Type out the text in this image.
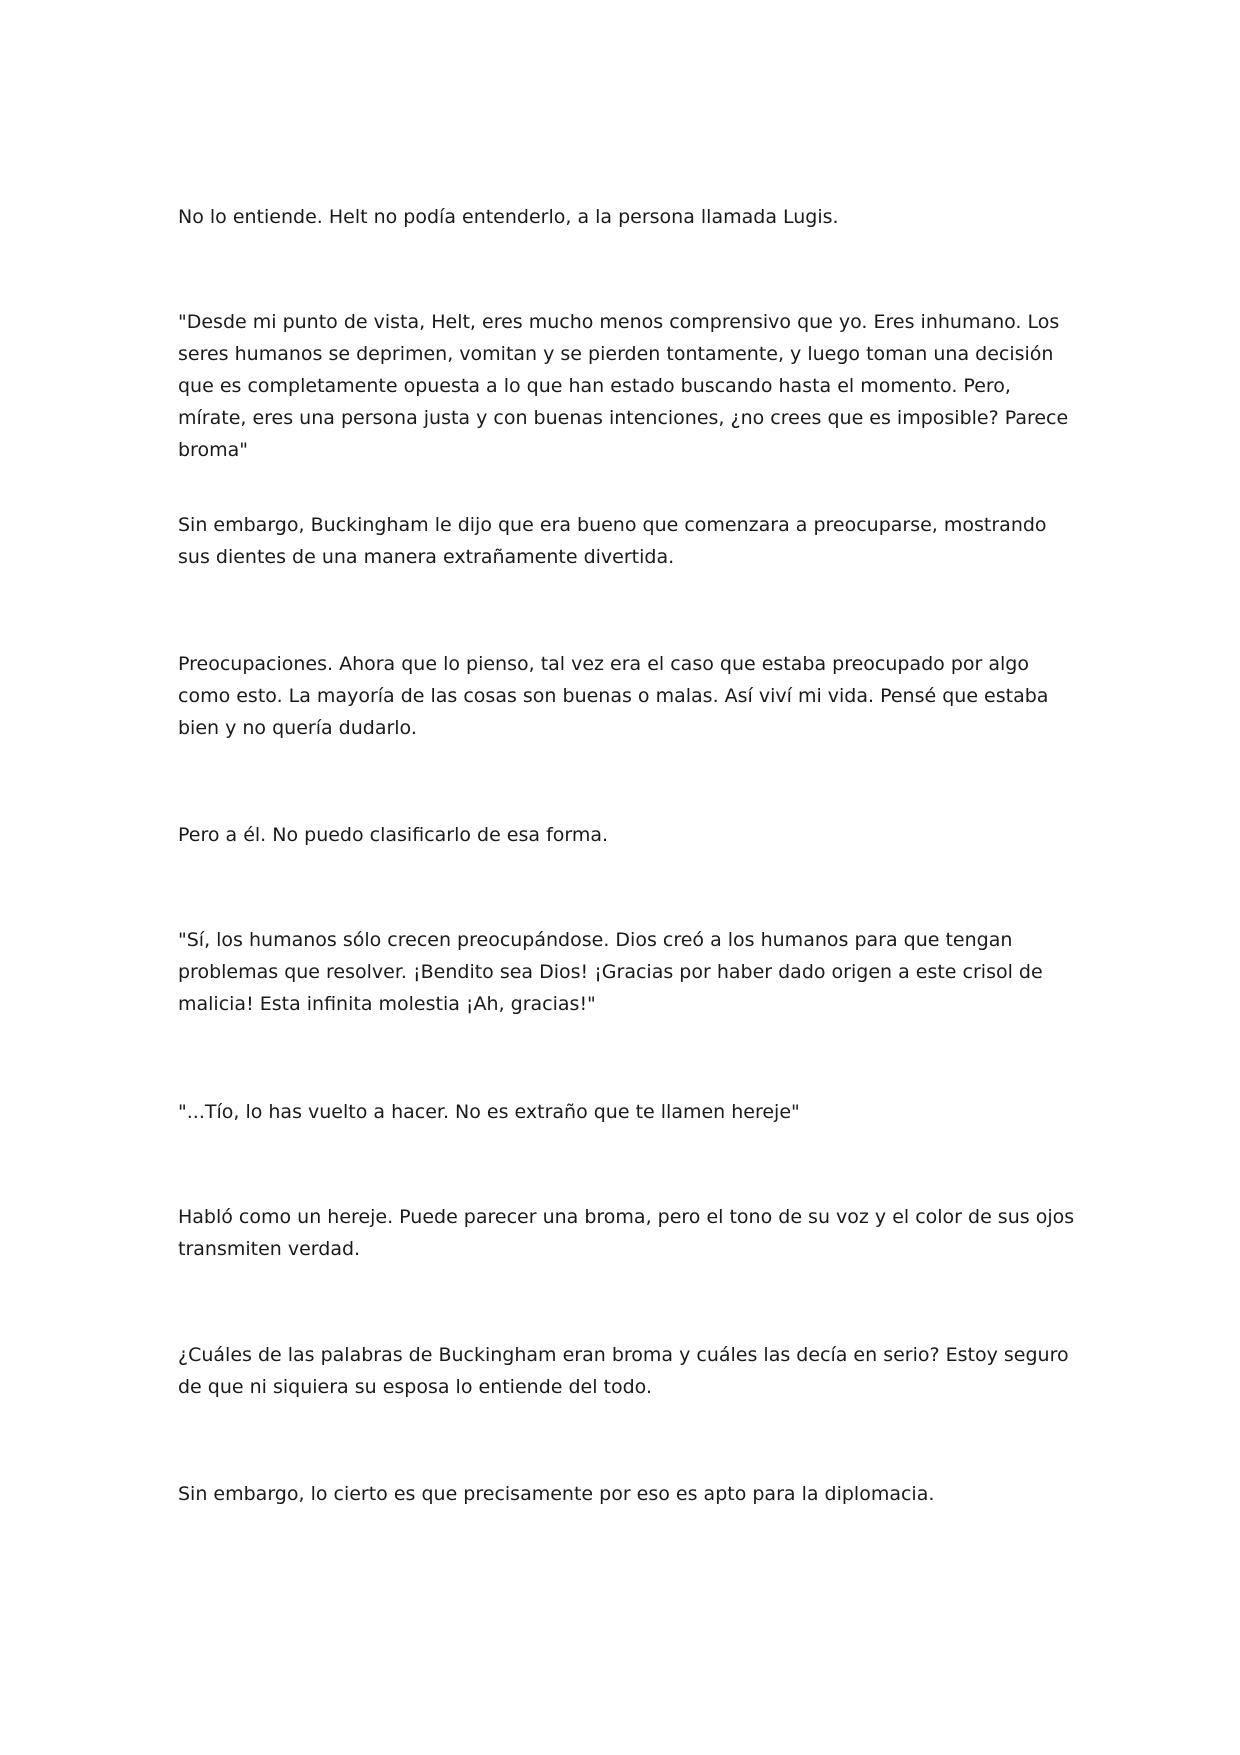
No lo entiende. Helt no podía entenderlo, a la persona llamada Lugis.

"Desde mi punto de vista, Helt, eres mucho menos comprensivo que yo. Eres inhumano. Los seres humanos se deprimen, vomitan y se pierden tontamente, y luego toman una decisión que es completamente opuesta a lo que han estado buscando hasta el momento. Pero, mírate, eres una persona justa y con buenas intenciones, ¿no crees que es imposible? Parece broma"

Sin embargo, Buckingham le dijo que era bueno que comenzara a preocuparse, mostrando sus dientes de una manera extrañamente divertida.

Preocupaciones. Ahora que lo pienso, tal vez era el caso que estaba preocupado por algo como esto. La mayoría de las cosas son buenas o malas. Así viví mi vida. Pensé que estaba bien y no quería dudarlo.

Pero a él. No puedo clasificarlo de esa forma.

"Sí, los humanos sólo crecen preocupándose. Dios creó a los humanos para que tengan problemas que resolver. ¡Bendito sea Dios! ¡Gracias por haber dado origen a este crisol de malicia! Esta infinita molestia ¡Ah, gracias!"

"...Tío, lo has vuelto a hacer. No es extraño que te llamen hereje"

Habló como un hereje. Puede parecer una broma, pero el tono de su voz y el color de sus ojos transmiten verdad.

¿Cuáles de las palabras de Buckingham eran broma y cuáles las decía en serio? Estoy seguro de que ni siquiera su esposa lo entiende del todo.

Sin embargo, lo cierto es que precisamente por eso es apto para la diplomacia.
